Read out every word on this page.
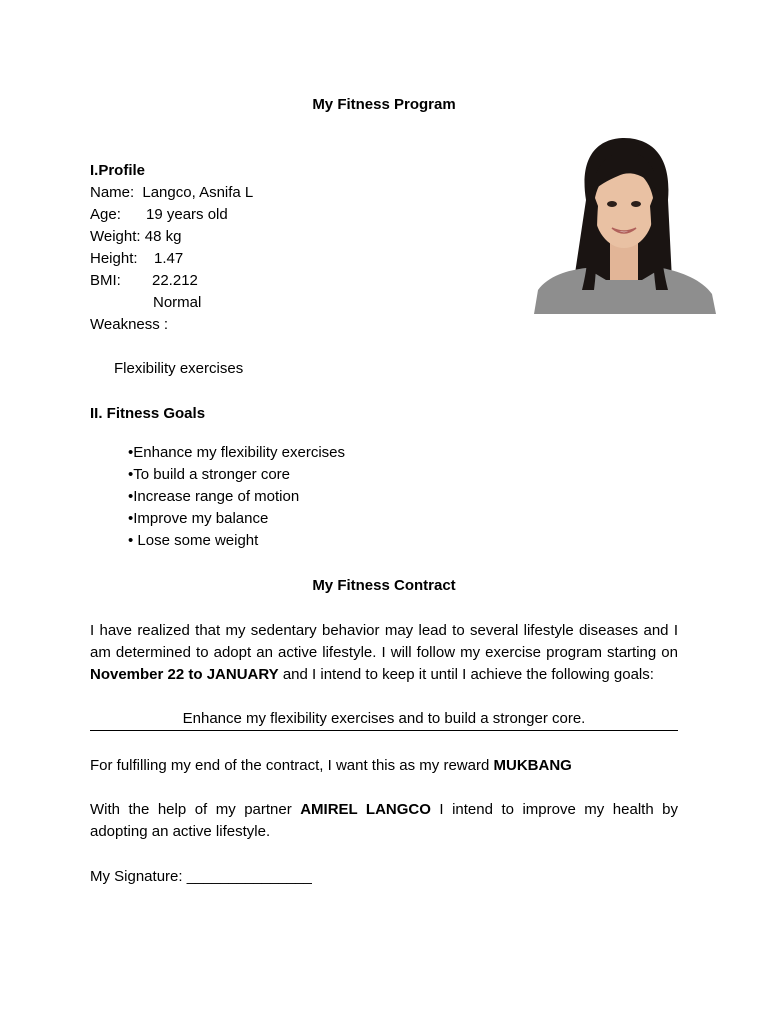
My Fitness Program
I.Profile
Name: Langco, Asnifa L
Age: 19 years old
Weight: 48 kg
Height: 1.47
BMI: 22.212
Normal
Weakness :
Flexibility exercises
II. Fitness Goals
•Enhance my flexibility exercises
•To build a stronger core
•Increase range of motion
•Improve my balance
• Lose some weight
My Fitness Contract
I have realized that my sedentary behavior may lead to several lifestyle diseases and I am determined to adopt an active lifestyle. I will follow my exercise program starting on November 22 to JANUARY and I intend to keep it until I achieve the following goals:
Enhance my flexibility exercises and to build a stronger core.
For fulfilling my end of the contract, I want this as my reward MUKBANG
With the help of my partner AMIREL LANGCO I intend to improve my health by adopting an active lifestyle.
My Signature: _______________
